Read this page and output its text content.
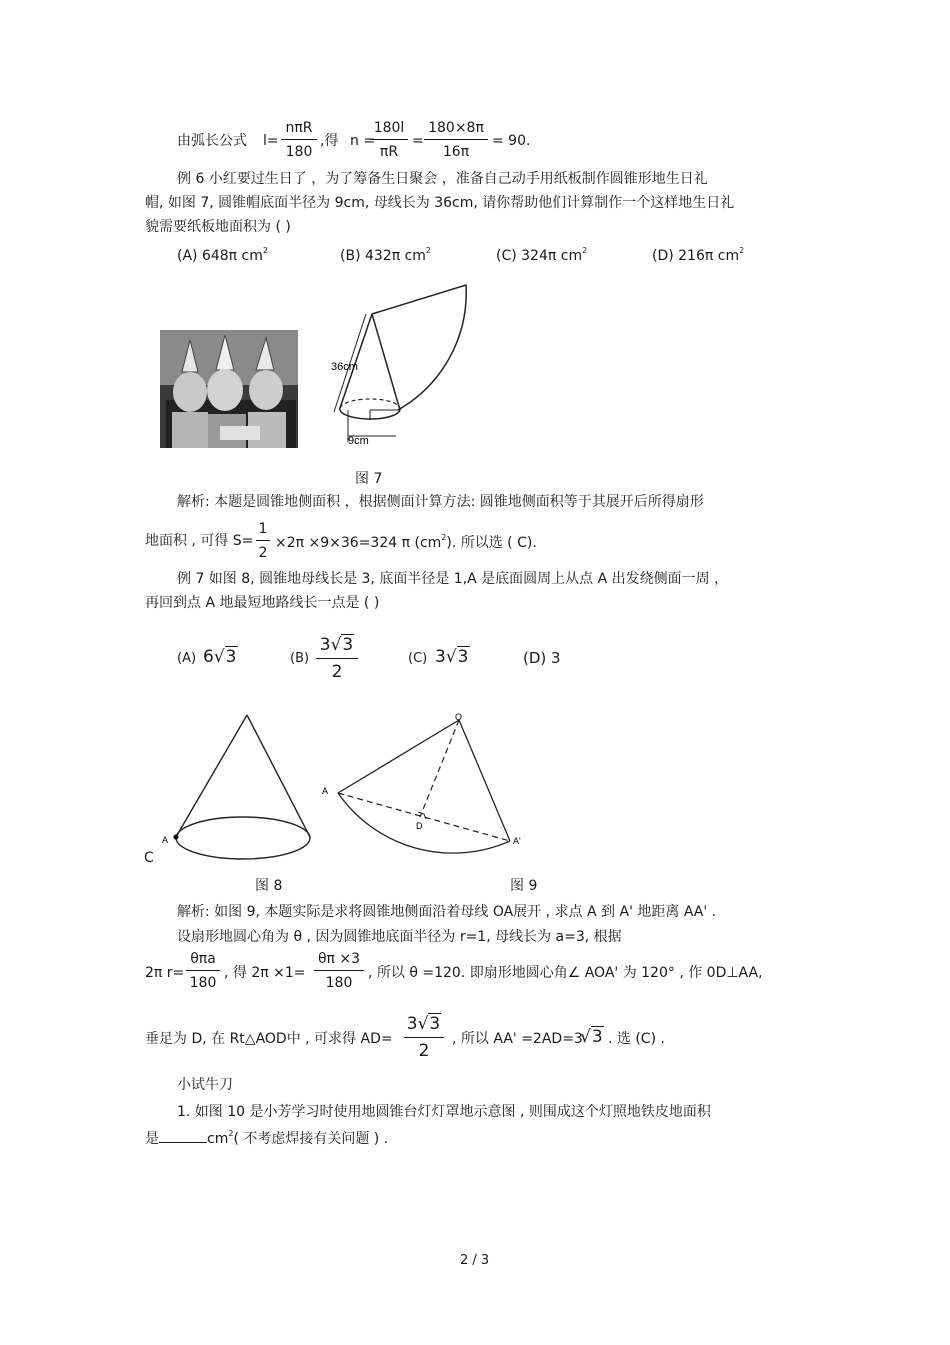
由弧长公式 l=
nπR
180
,得 n =
$\frac{180l}{\pi R} = \frac{180\times 8\pi}{16\pi} = 90$.
例 6 小红要过生日了 ，为了筹备生日聚会 ，准备自己动手用纸板制作圆锥形地生日礼
帽, 如图 7, 圆锥帽底面半径为 9cm, 母线长为 36cm, 请你帮助他们计算制作一个这样地生日礼
貌需要纸板地面积为 ( )
(A) 648π $cm^2$	(B) 432π $cm^2$	(C) 324π $cm^2$	(D) 216π $cm^2$
36cm
9cm
图 7
解析: 本题是圆锥地侧面积 ，根据侧面计算方法: 圆锥地侧面积等于其展开后所得扇形
地面积 , 可得 $S= \frac{1}{2} \times 2\pi \times 9\times 36=324$ π $(cm^2)$. 所以选 ( C).
例 7 如图 8, 圆锥地母线长是 3, 底面半径是 1,A 是底面圆周上从点 A 出发绕侧面一周 ，
再回到点 A 地最短地路线长一点是 ( )
(A) 6√3	$(B) \frac{3√3}{2}$	(C) 3√3	(D) 3
A
C
O
A
D
A'
图 8	图 9
解析: 如图 9, 本题实际是求将圆锥地侧面沿着母线 OA展开 , 求点 A 到 A' 地距离 AA' .
设扇形地圆心角为 θ , 因为圆锥地底面半径为 r=1, 母线长为 a=3, 根据
2π r=
θπa
180
, 得 $2\pi \times 1= \frac{\theta\pi \times 3}{180}$ , 所以 θ =120. 即扇形地圆心角∠ AOA' 为 120° , 作 0D⊥AA,
垂足为 D, 在 Rt△AOD中 , 可求得 $AD= \frac{3√3}{2}$ , 所以 AA' =2AD=3
√3 . 选 (C) .
小试牛刀
1. 如图 10 是小芳学习时使用地圆锥台灯灯罩地示意图 , 则围成这个灯照地铁皮地面积
是	$cm^2$( 不考虑焊接有关问题 ) .
2 / 3
